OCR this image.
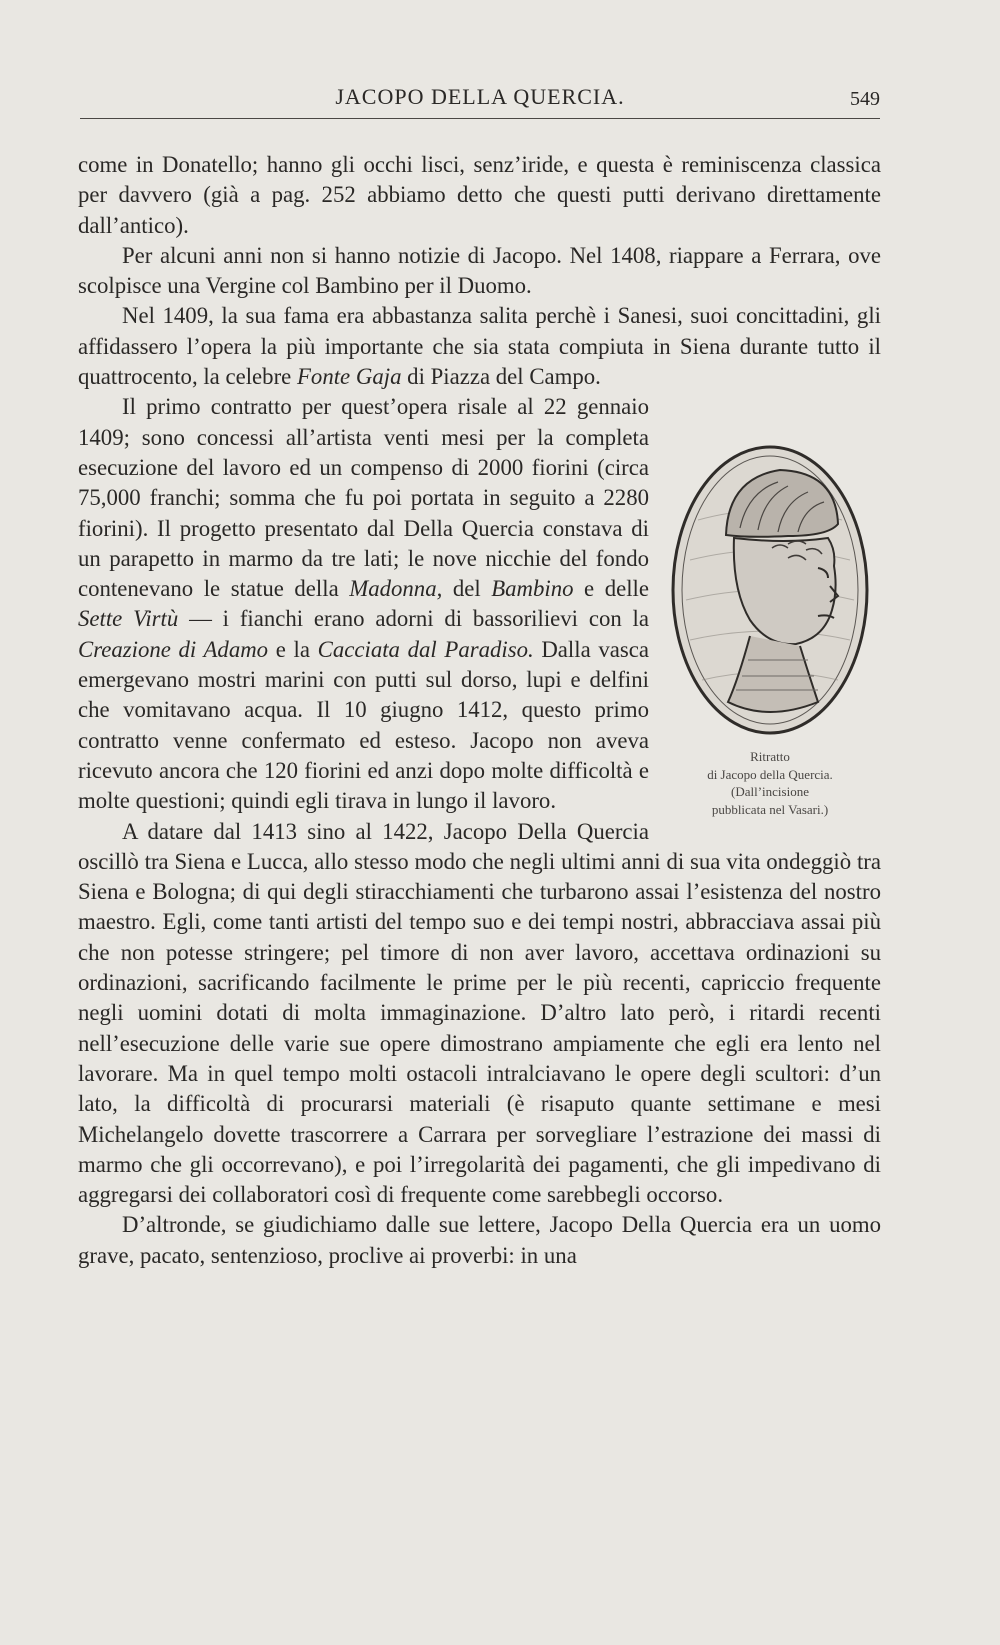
JACOPO DELLA QUERCIA.	549

come in Donatello; hanno gli occhi lisci, senz’iride, e questa è reminiscenza classica per davvero (già a pag. 252 abbiamo detto che questi putti derivano direttamente dall’antico).

Per alcuni anni non si hanno notizie di Jacopo. Nel 1408, riappare a Ferrara, ove scolpisce una Vergine col Bambino per il Duomo.

Nel 1409, la sua fama era abbastanza salita perchè i Sanesi, suoi concittadini, gli affidassero l’opera la più importante che sia stata compiuta in Siena durante tutto il quattrocento, la celebre Fonte Gaja di Piazza del Campo.

Ritratto
di Jacopo della Quercia.
(Dall’incisione
pubblicata nel Vasari.)

Il primo contratto per quest’opera risale al 22 gennaio 1409; sono concessi all’artista venti mesi per la completa esecuzione del lavoro ed un compenso di 2000 fiorini (circa 75,000 franchi; somma che fu poi portata in seguito a 2280 fiorini). Il progetto presentato dal Della Quercia constava di un parapetto in marmo da tre lati; le nove nicchie del fondo contenevano le statue della Madonna, del Bambino e delle Sette Virtù — i fianchi erano adorni di bassorilievi con la Creazione di Adamo e la Cacciata dal Paradiso. Dalla vasca emergevano mostri marini con putti sul dorso, lupi e delfini che vomitavano acqua. Il 10 giugno 1412, questo primo contratto venne confermato ed esteso. Jacopo non aveva ricevuto ancora che 120 fiorini ed anzi dopo molte difficoltà e molte questioni; quindi egli tirava in lungo il lavoro.

A datare dal 1413 sino al 1422, Jacopo Della Quercia oscillò tra Siena e Lucca, allo stesso modo che negli ultimi anni di sua vita ondeggiò tra Siena e Bologna; di qui degli stiracchiamenti che turbarono assai l’esistenza del nostro maestro. Egli, come tanti artisti del tempo suo e dei tempi nostri, abbracciava assai più che non potesse stringere; pel timore di non aver lavoro, accettava ordinazioni su ordinazioni, sacrificando facilmente le prime per le più recenti, capriccio frequente negli uomini dotati di molta immaginazione. D’altro lato però, i ritardi recenti nell’esecuzione delle varie sue opere dimostrano ampiamente che egli era lento nel lavorare. Ma in quel tempo molti ostacoli intralciavano le opere degli scultori: d’un lato, la difficoltà di procurarsi materiali (è risaputo quante settimane e mesi Michelangelo dovette trascorrere a Carrara per sorvegliare l’estrazione dei massi di marmo che gli occorrevano), e poi l’irregolarità dei pagamenti, che gli impedivano di aggregarsi dei collaboratori così di frequente come sarebbegli occorso.

D’altronde, se giudichiamo dalle sue lettere, Jacopo Della Quercia era un uomo grave, pacato, sentenzioso, proclive ai proverbi: in una
